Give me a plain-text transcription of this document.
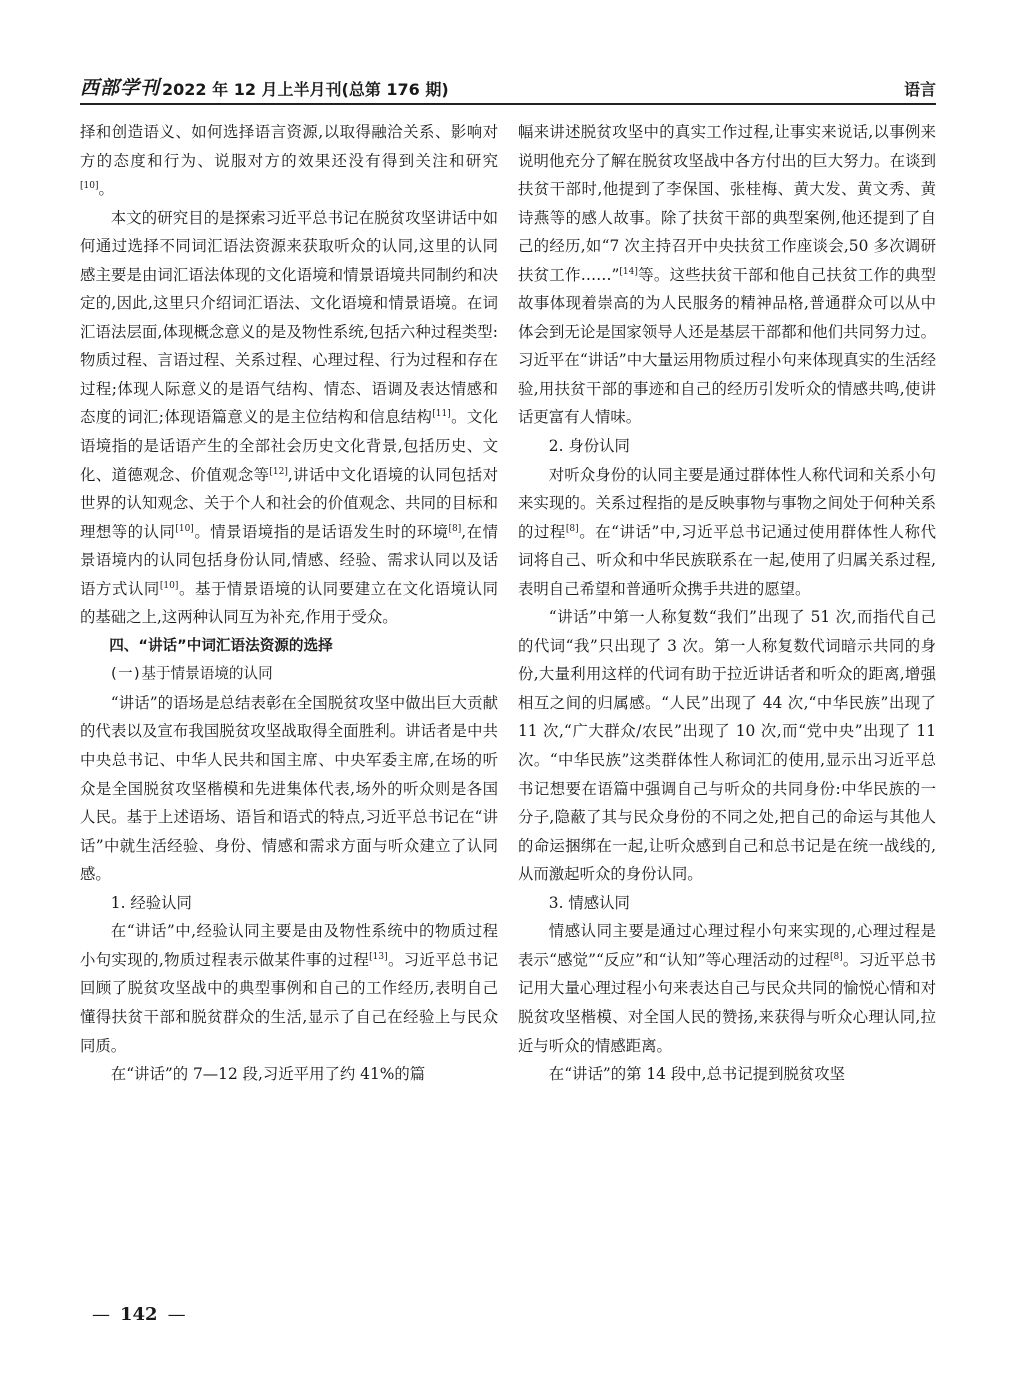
西部学刊 2022 年 12 月上半月刊(总第 176 期)	语言

择和创造语义、如何选择语言资源,以取得融洽关系、影响对方的态度和行为、说服对方的效果还没有得到关注和研究[10]。

本文的研究目的是探索习近平总书记在脱贫攻坚讲话中如何通过选择不同词汇语法资源来获取听众的认同,这里的认同感主要是由词汇语法体现的文化语境和情景语境共同制约和决定的,因此,这里只介绍词汇语法、文化语境和情景语境。在词汇语法层面,体现概念意义的是及物性系统,包括六种过程类型:物质过程、言语过程、关系过程、心理过程、行为过程和存在过程;体现人际意义的是语气结构、情态、语调及表达情感和态度的词汇;体现语篇意义的是主位结构和信息结构[11]。文化语境指的是话语产生的全部社会历史文化背景,包括历史、文化、道德观念、价值观念等[12],讲话中文化语境的认同包括对世界的认知观念、关于个人和社会的价值观念、共同的目标和理想等的认同[10]。情景语境指的是话语发生时的环境[8],在情景语境内的认同包括身份认同,情感、经验、需求认同以及话语方式认同[10]。基于情景语境的认同要建立在文化语境认同的基础之上,这两种认同互为补充,作用于受众。

四、“讲话”中词汇语法资源的选择
(一)基于情景语境的认同

“讲话”的语场是总结表彰在全国脱贫攻坚中做出巨大贡献的代表以及宣布我国脱贫攻坚战取得全面胜利。讲话者是中共中央总书记、中华人民共和国主席、中央军委主席,在场的听众是全国脱贫攻坚楷模和先进集体代表,场外的听众则是各国人民。基于上述语场、语旨和语式的特点,习近平总书记在“讲话”中就生活经验、身份、情感和需求方面与听众建立了认同感。

1. 经验认同

在“讲话”中,经验认同主要是由及物性系统中的物质过程小句实现的,物质过程表示做某件事的过程[13]。习近平总书记回顾了脱贫攻坚战中的典型事例和自己的工作经历,表明自己懂得扶贫干部和脱贫群众的生活,显示了自己在经验上与民众同质。

在“讲话”的 7—12 段,习近平用了约 41%的篇

幅来讲述脱贫攻坚中的真实工作过程,让事实来说话,以事例来说明他充分了解在脱贫攻坚战中各方付出的巨大努力。在谈到扶贫干部时,他提到了李保国、张桂梅、黄大发、黄文秀、黄诗燕等的感人故事。除了扶贫干部的典型案例,他还提到了自己的经历,如“7 次主持召开中央扶贫工作座谈会,50 多次调研扶贫工作……”[14]等。这些扶贫干部和他自己扶贫工作的典型故事体现着崇高的为人民服务的精神品格,普通群众可以从中体会到无论是国家领导人还是基层干部都和他们共同努力过。习近平在“讲话”中大量运用物质过程小句来体现真实的生活经验,用扶贫干部的事迹和自己的经历引发听众的情感共鸣,使讲话更富有人情味。

2. 身份认同

对听众身份的认同主要是通过群体性人称代词和关系小句来实现的。关系过程指的是反映事物与事物之间处于何种关系的过程[8]。在“讲话”中,习近平总书记通过使用群体性人称代词将自己、听众和中华民族联系在一起,使用了归属关系过程,表明自己希望和普通听众携手共进的愿望。

“讲话”中第一人称复数“我们”出现了 51 次,而指代自己的代词“我”只出现了 3 次。第一人称复数代词暗示共同的身份,大量利用这样的代词有助于拉近讲话者和听众的距离,增强相互之间的归属感。“人民”出现了 44 次,“中华民族”出现了 11 次,“广大群众/农民”出现了 10 次,而“党中央”出现了 11 次。“中华民族”这类群体性人称词汇的使用,显示出习近平总书记想要在语篇中强调自己与听众的共同身份:中华民族的一分子,隐蔽了其与民众身份的不同之处,把自己的命运与其他人的命运捆绑在一起,让听众感到自己和总书记是在统一战线的,从而激起听众的身份认同。

3. 情感认同

情感认同主要是通过心理过程小句来实现的,心理过程是表示“感觉”“反应”和“认知”等心理活动的过程[8]。习近平总书记用大量心理过程小句来表达自己与民众共同的愉悦心情和对脱贫攻坚楷模、对全国人民的赞扬,来获得与听众心理认同,拉近与听众的情感距离。

在“讲话”的第 14 段中,总书记提到脱贫攻坚

— 142 —
